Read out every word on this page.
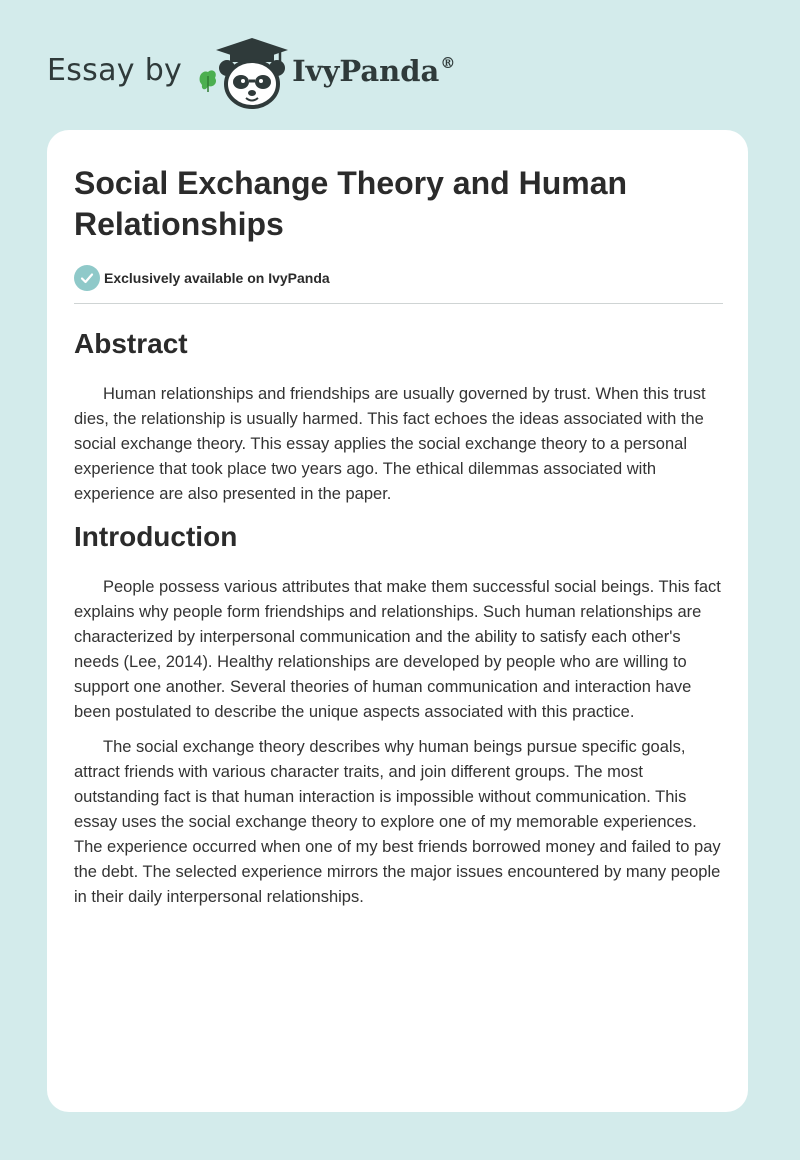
Essay by	IvyPanda®
Social Exchange Theory and Human Relationships
Exclusively available on IvyPanda
Abstract

Human relationships and friendships are usually governed by trust. When this trust dies, the relationship is usually harmed. This fact echoes the ideas associated with the social exchange theory. This essay applies the social exchange theory to a personal experience that took place two years ago. The ethical dilemmas associated with experience are also presented in the paper.

Introduction

People possess various attributes that make them successful social beings. This fact explains why people form friendships and relationships. Such human relationships are characterized by interpersonal communication and the ability to satisfy each other's needs (Lee, 2014). Healthy relationships are developed by people who are willing to support one another. Several theories of human communication and interaction have been postulated to describe the unique aspects associated with this practice.

The social exchange theory describes why human beings pursue specific goals, attract friends with various character traits, and join different groups. The most outstanding fact is that human interaction is impossible without communication. This essay uses the social exchange theory to explore one of my memorable experiences. The experience occurred when one of my best friends borrowed money and failed to pay the debt. The selected experience mirrors the major issues encountered by many people in their daily interpersonal relationships.
